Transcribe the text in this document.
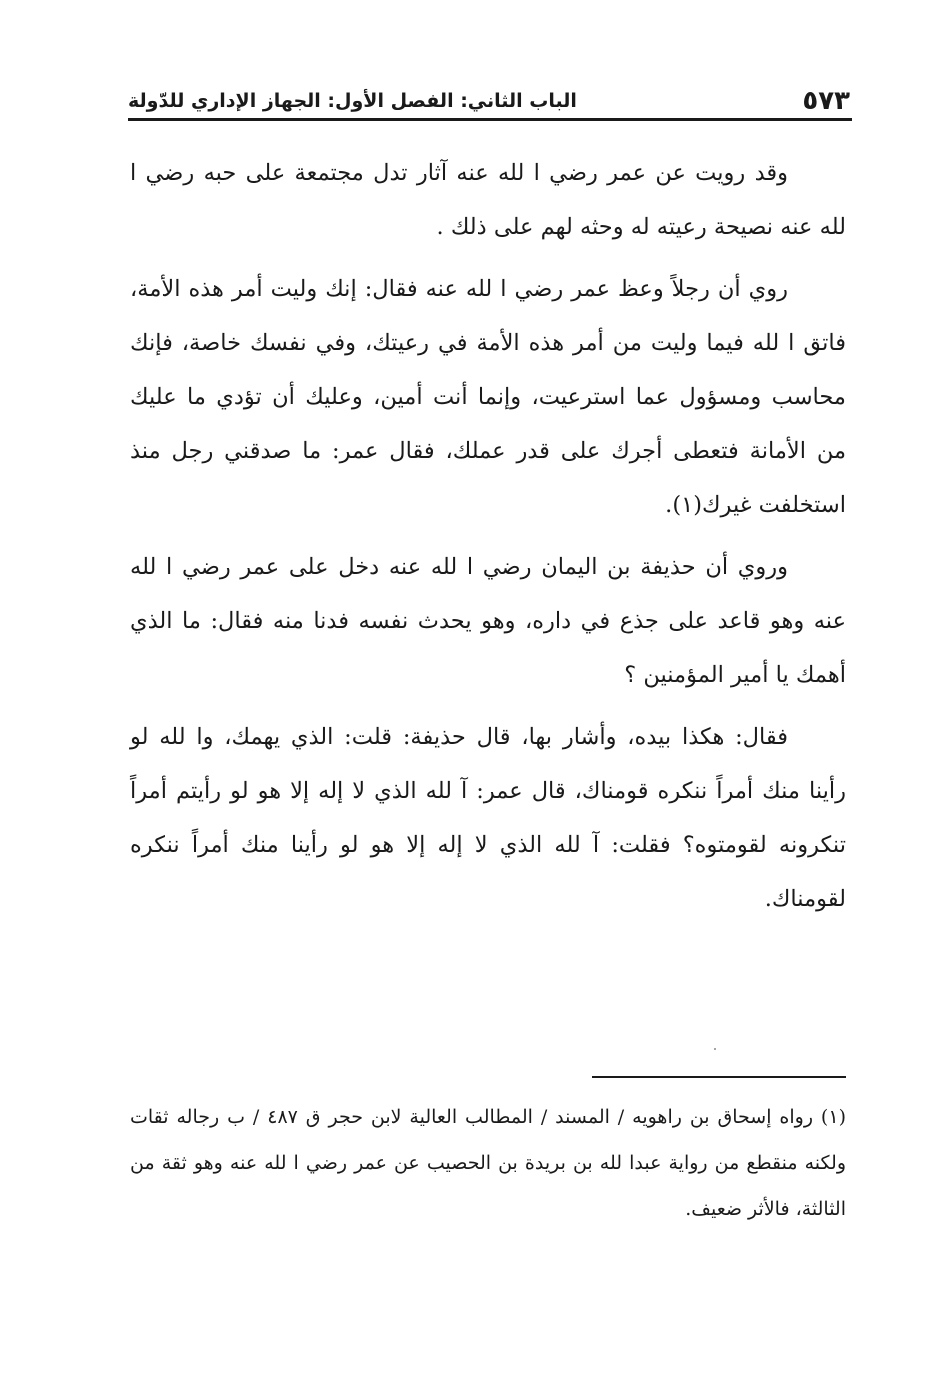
٥٧٣
الباب الثاني: الفصل الأول: الجهاز الإداري للدّولة

وقد رويت عن عمر رضي ا لله عنه آثار تدل مجتمعة على حبه رضي ا لله عنه نصيحة رعيته له وحثه لهم على ذلك .

روي أن رجلاً وعظ عمر رضي ا لله عنه فقال: إنك وليت أمر هذه الأمة، فاتق ا لله فيما وليت من أمر هذه الأمة في رعيتك، وفي نفسك خاصة، فإنك محاسب ومسؤول عما استرعيت، وإنما أنت أمين، وعليك أن تؤدي ما عليك من الأمانة فتعطى أجرك على قدر عملك، فقال عمر: ما صدقني رجل منذ استخلفت غيرك(١).

وروي أن حذيفة بن اليمان رضي ا لله عنه دخل على عمر رضي ا لله عنه وهو قاعد على جذع في داره، وهو يحدث نفسه فدنا منه فقال: ما الذي أهمك يا أمير المؤمنين ؟

فقال: هكذا بيده، وأشار بها، قال حذيفة: قلت: الذي يهمك، وا لله لو رأينا منك أمراً ننكره قومناك، قال عمر: آ لله الذي لا إله إلا هو لو رأيتم أمراً تنكرونه لقومتوه؟ فقلت: آ لله الذي لا إله إلا هو لو رأينا منك أمراً ننكره لقومناك.

(١) رواه إسحاق بن راهويه / المسند / المطالب العالية لابن حجر ق ٤٨٧ / ب رجاله ثقات ولكنه منقطع من رواية عبدا لله بن بريدة بن الحصيب عن عمر رضي ا لله عنه وهو ثقة من الثالثة، فالأثر ضعيف.
